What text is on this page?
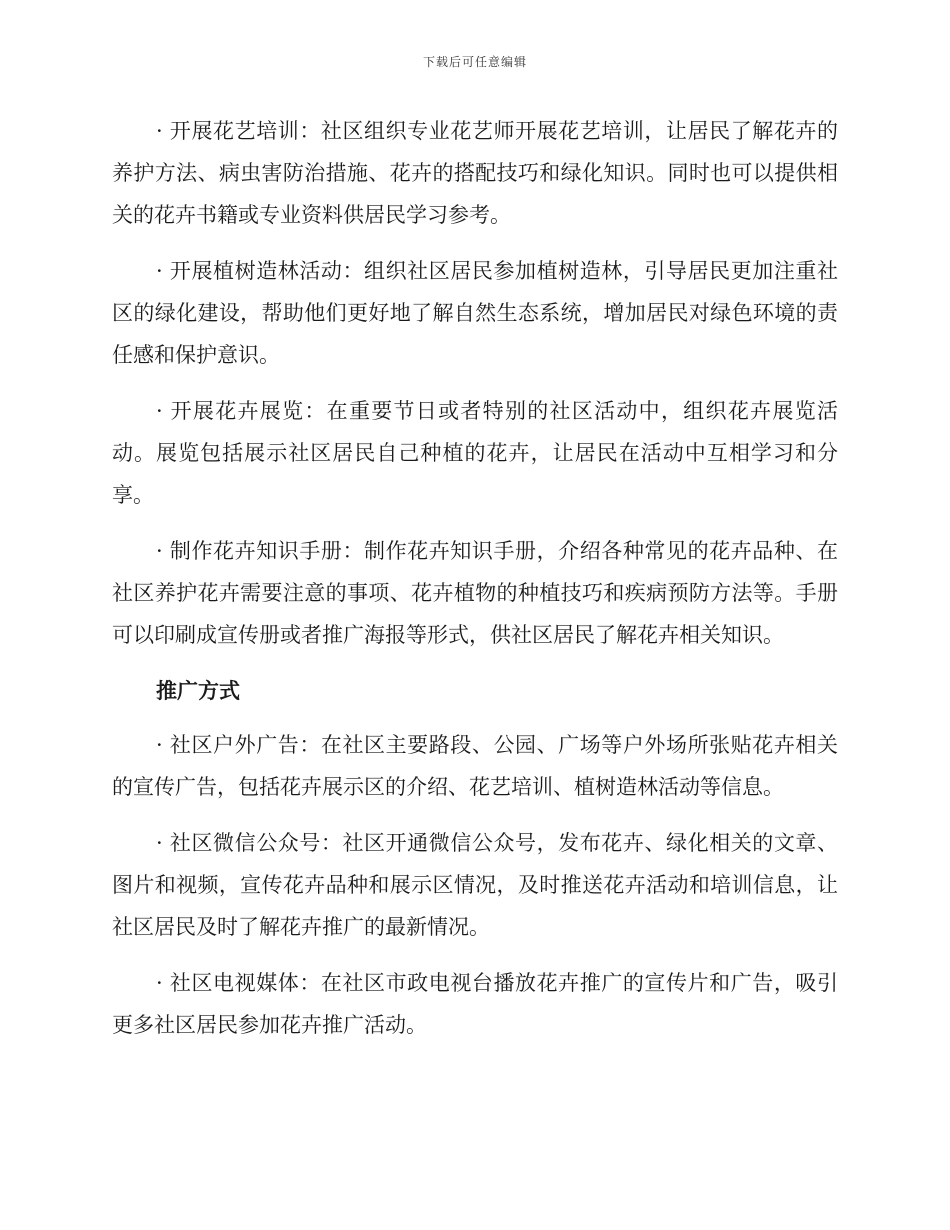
下载后可任意编辑

· 开展花艺培训：社区组织专业花艺师开展花艺培训，让居民了解花卉的养护方法、病虫害防治措施、花卉的搭配技巧和绿化知识。同时也可以提供相关的花卉书籍或专业资料供居民学习参考。

· 开展植树造林活动：组织社区居民参加植树造林，引导居民更加注重社区的绿化建设，帮助他们更好地了解自然生态系统，增加居民对绿色环境的责任感和保护意识。

· 开展花卉展览：在重要节日或者特别的社区活动中，组织花卉展览活动。展览包括展示社区居民自己种植的花卉，让居民在活动中互相学习和分享。

· 制作花卉知识手册：制作花卉知识手册，介绍各种常见的花卉品种、在社区养护花卉需要注意的事项、花卉植物的种植技巧和疾病预防方法等。手册可以印刷成宣传册或者推广海报等形式，供社区居民了解花卉相关知识。

推广方式

· 社区户外广告：在社区主要路段、公园、广场等户外场所张贴花卉相关的宣传广告，包括花卉展示区的介绍、花艺培训、植树造林活动等信息。

· 社区微信公众号：社区开通微信公众号，发布花卉、绿化相关的文章、图片和视频，宣传花卉品种和展示区情况，及时推送花卉活动和培训信息，让社区居民及时了解花卉推广的最新情况。

· 社区电视媒体：在社区市政电视台播放花卉推广的宣传片和广告，吸引更多社区居民参加花卉推广活动。
